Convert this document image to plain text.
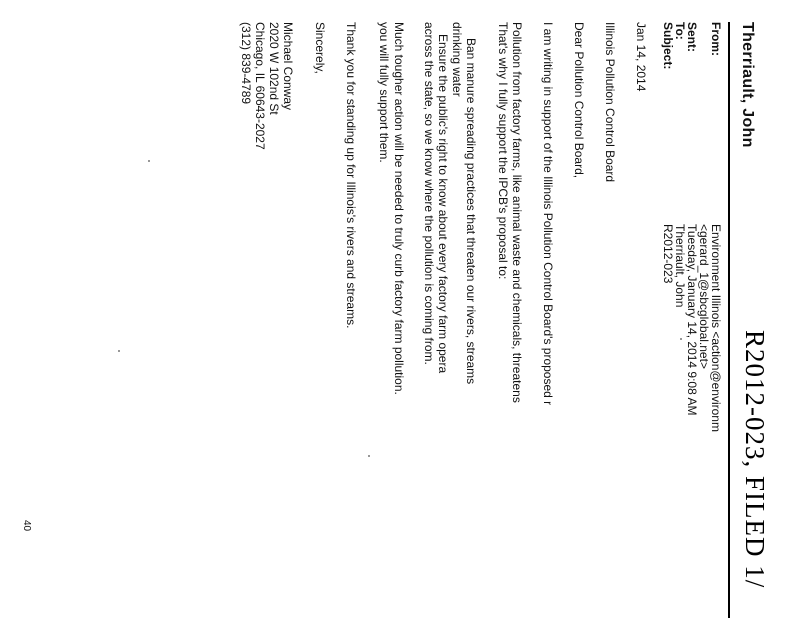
R2012-023, FILED 1/
Therriault, John
From:
Environment Illinois <action@environm
<gerard_1@sbcglobal.net>
Sent:
Tuesday, January 14, 2014 9:08 AM
To:
Therriault, John
Subject:
R2012-023
Jan 14, 2014
Illinois Pollution Control Board
Dear Pollution Control Board,
I am writing in support of the Illinois Pollution Control Board's proposed r
Pollution from factory farms, like animal waste and chemicals, threatens
That's why I fully support the IPCB's proposal to:
Ban manure spreading practices that threaten our rivers, streams
drinking water
Ensure the public's right to know about every factory farm opera
across the state, so we know where the pollution is coming from.
Much tougher action will be needed to truly curb factory farm pollution.
you will fully support them.
Thank you for standing up for Illinois's rivers and streams.
Sincerely,
Michael Conway
2020 W 102nd St
Chicago, IL 60643-2027
(312) 839-4789
40
